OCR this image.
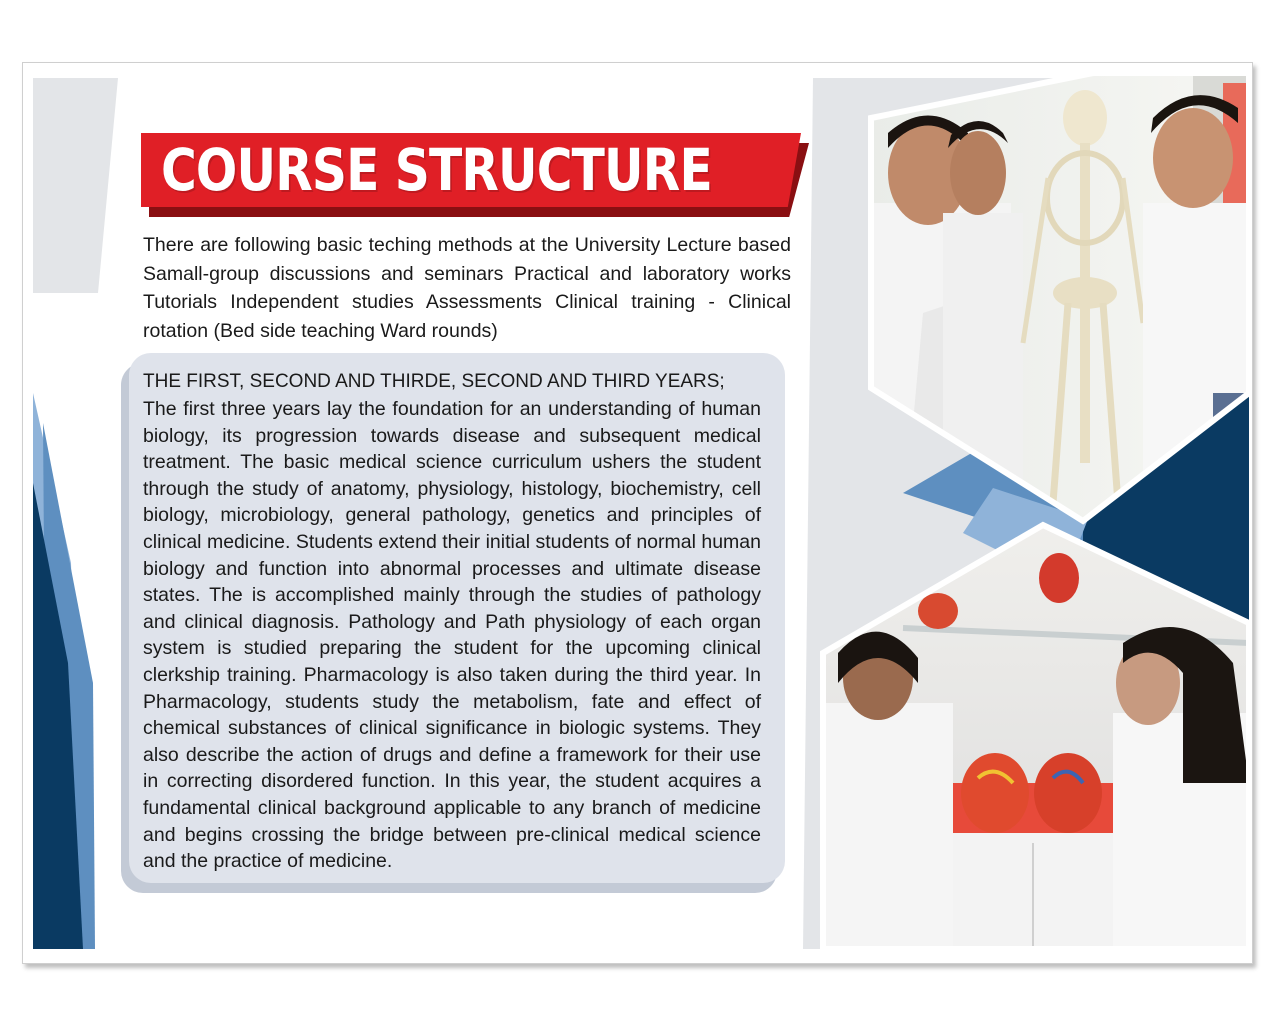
COURSE STRUCTURE

There are following basic teching methods at the University Lecture based Samall-group discussions and seminars Practical and laboratory works Tutorials Independent studies Assessments Clinical training - Clinical rotation (Bed side teaching Ward rounds)

THE FIRST, SECOND AND THIRDE, SECOND AND THIRD YEARS;

The first three years lay the foundation for an understanding of human biology, its progression towards disease and subsequent medical treatment. The basic medical science curriculum ushers the student through the study of anatomy, physiology, histology, biochemistry, cell biology, microbiology, general pathology, genetics and principles of clinical medicine. Students extend their initial students of normal human biology and function into abnormal processes and ultimate disease states. The is accomplished mainly through the studies of pathology and clinical diagnosis. Pathology and Path physiology of each organ system is studied preparing the student for the upcoming clinical clerkship training. Pharmacology is also taken during the third year. In Pharmacology, students study the metabolism, fate and effect of chemical substances of clinical significance in biologic systems. They also describe the action of drugs and define a framework for their use in correcting disordered function. In this year, the student acquires a fundamental clinical background applicable to any branch of medicine and begins crossing the bridge between pre-clinical medical science and the practice of medicine.
